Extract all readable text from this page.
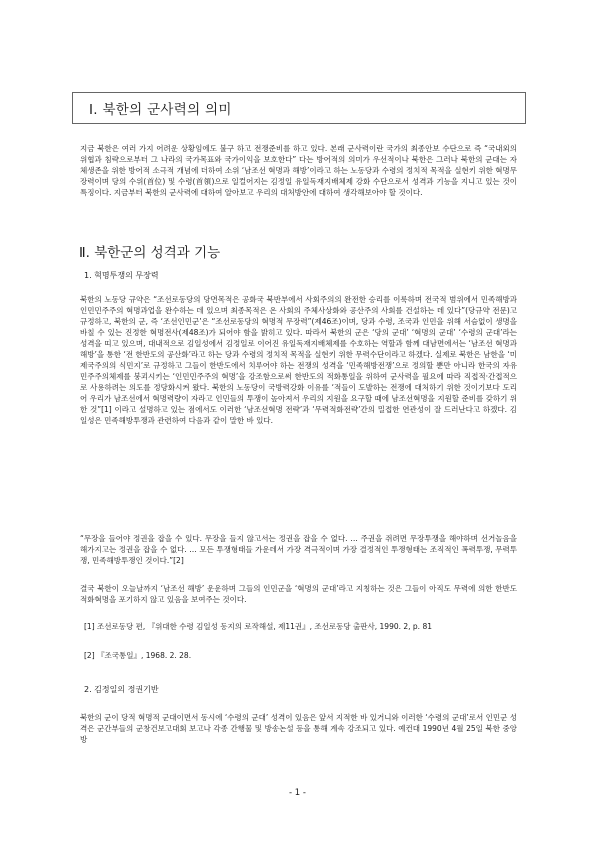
Ⅰ. 북한의 군사력의 의미

지금 북한은 여러 가지 어려운 상황임에도 불구 하고 전쟁준비를 하고 있다. 본래 군사력이란 국가의 최종안보 수단으로 즉 “국내외의 위협과 침략으로부터 그 나라의 국가목표와 국가이익을 보호한다” 다는 방어적의 의미가 우선적이나 북한은 그러나 북한의 군대는 자체생존을 위한 방어적 소극적 개념에 더하여 소위 ‘남조선 혁명과 해방’이라고 하는 노동당과 수령의 정치적 목적을 실현키 위한 혁명무장력이며 당의 수위(首位) 및 수령(首領)으로 일컬어지는 김정일 유일독재지배체제 강화 수단으로서 성격과 기능을 지니고 있는 것이 특징이다. 지금부터 북한의 군사력에 대하여 알아보고 우리의 대처방안에 대하여 생각해보아야 할 것이다.

Ⅱ. 북한군의 성격과 기능
1. 혁명투쟁의 무장력

북한의 노동당 규약은 “조선로동당의 당면목적은 공화국 북반부에서 사회주의의 완전한 승리를 이룩하며 전국적 범위에서 민족해방과 인민민주주의 혁명과업을 완수하는 데 있으며 최종목적은 온 사회의 주체사상화와 공산주의 사회를 건설하는 데 있다”(당규약 전문)고 규정하고, 북한의 군, 즉 ‘조선인민군’은 “조선로동당의 혁명적 무장력”(제46조)이며, 당과 수령, 조국과 인민을 위해 서슴없이 생명을 바칠 수 있는 진정한 혁명전사(제48조)가 되어야 함을 밝히고 있다. 따라서 북한의 군은 ‘당의 군대’ ‘혁명의 군대’ ‘수령의 군대’라는 성격을 띠고 있으며, 대내적으로 김일성에서 김정일로 이어진 유일독재지배체제를 수호하는 역할과 함께 대남면에서는 ‘남조선 혁명과 해방’을 통한 ‘전 한반도의 공산화’라고 하는 당과 수령의 정치적 목적을 실현키 위한 무력수단이라고 하겠다. 실제로 북한은 남한을 ‘미제국주의의 식민지’로 규정하고 그들이 한반도에서 치루어야 하는 전쟁의 성격을 ‘민족해방전쟁’으로 정의할 뿐만 아니라 한국의 자유민주주의체제를 붕괴시키는 ‘인민민주주의 혁명’을 강조함으로써 한반도의 적화통일을 위하여 군사력을 필요에 따라 직접적·간접적으로 사용하려는 의도를 정당화시켜 왔다. 북한의 노동당이 국방력강화 이유를 ‘적들이 도발하는 전쟁에 대처하기 위한 것이기보다 도리어 우리가 남조선에서 혁명력량이 자라고 인민들의 투쟁이 높아져서 우리의 지원을 요구할 때에 남조선혁명을 지원할 준비를 갖하기 위한 것”[1] 이라고 설명하고 있는 점에서도 이러한 ‘남조선혁명 전략’과 ‘무력적화전략’간의 밀접한 연관성이 잘 드러난다고 하겠다. 김일성은 민족해방투쟁과 관련하여 다음과 같이 말한 바 있다.

“무장을 들어야 정권을 잡을 수 있다. 무장을 들지 않고서는 정권을 잡을 수 없다. … 주권을 쥐려면 무장투쟁을 해야하며 선거놀음을 해가지고는 정권을 잡을 수 없다. … 모든 투쟁형태들 가운데서 가장 격극적이며 가장 결정적인 투쟁형태는 조직적인 폭력투쟁, 무력투쟁, 민족해방투쟁인 것이다.”[2]

결국 북한이 오늘날까지 ‘남조선 해방’ 운운하며 그들의 인민군을 ‘혁명의 군대’라고 지칭하는 것은 그들이 아직도 무력에 의한 한반도 적화혁명을 포기하지 않고 있음을 보여주는 것이다.

[1] 조선로동당 편, 『위대한 수령 김일성 동지의 로작해설, 제11권』, 조선로동당 출판사, 1990. 2, p. 81

[2] 『조국통일』, 1968. 2. 28.

2. 김정일의 정권기반

북한의 군이 당적 혁명적 군대이면서 동시에 ‘수령의 군대’ 성격이 있음은 앞서 지적한 바 있거니와 이러한 ‘수령의 군대’로서 인민군 성격은 군간부들의 군창건보고대회 보고나 각종 간행물 및 방송논설 등을 통해 계속 강조되고 있다. 예컨대 1990년 4월 25일 북한 중앙방

- 1 -
